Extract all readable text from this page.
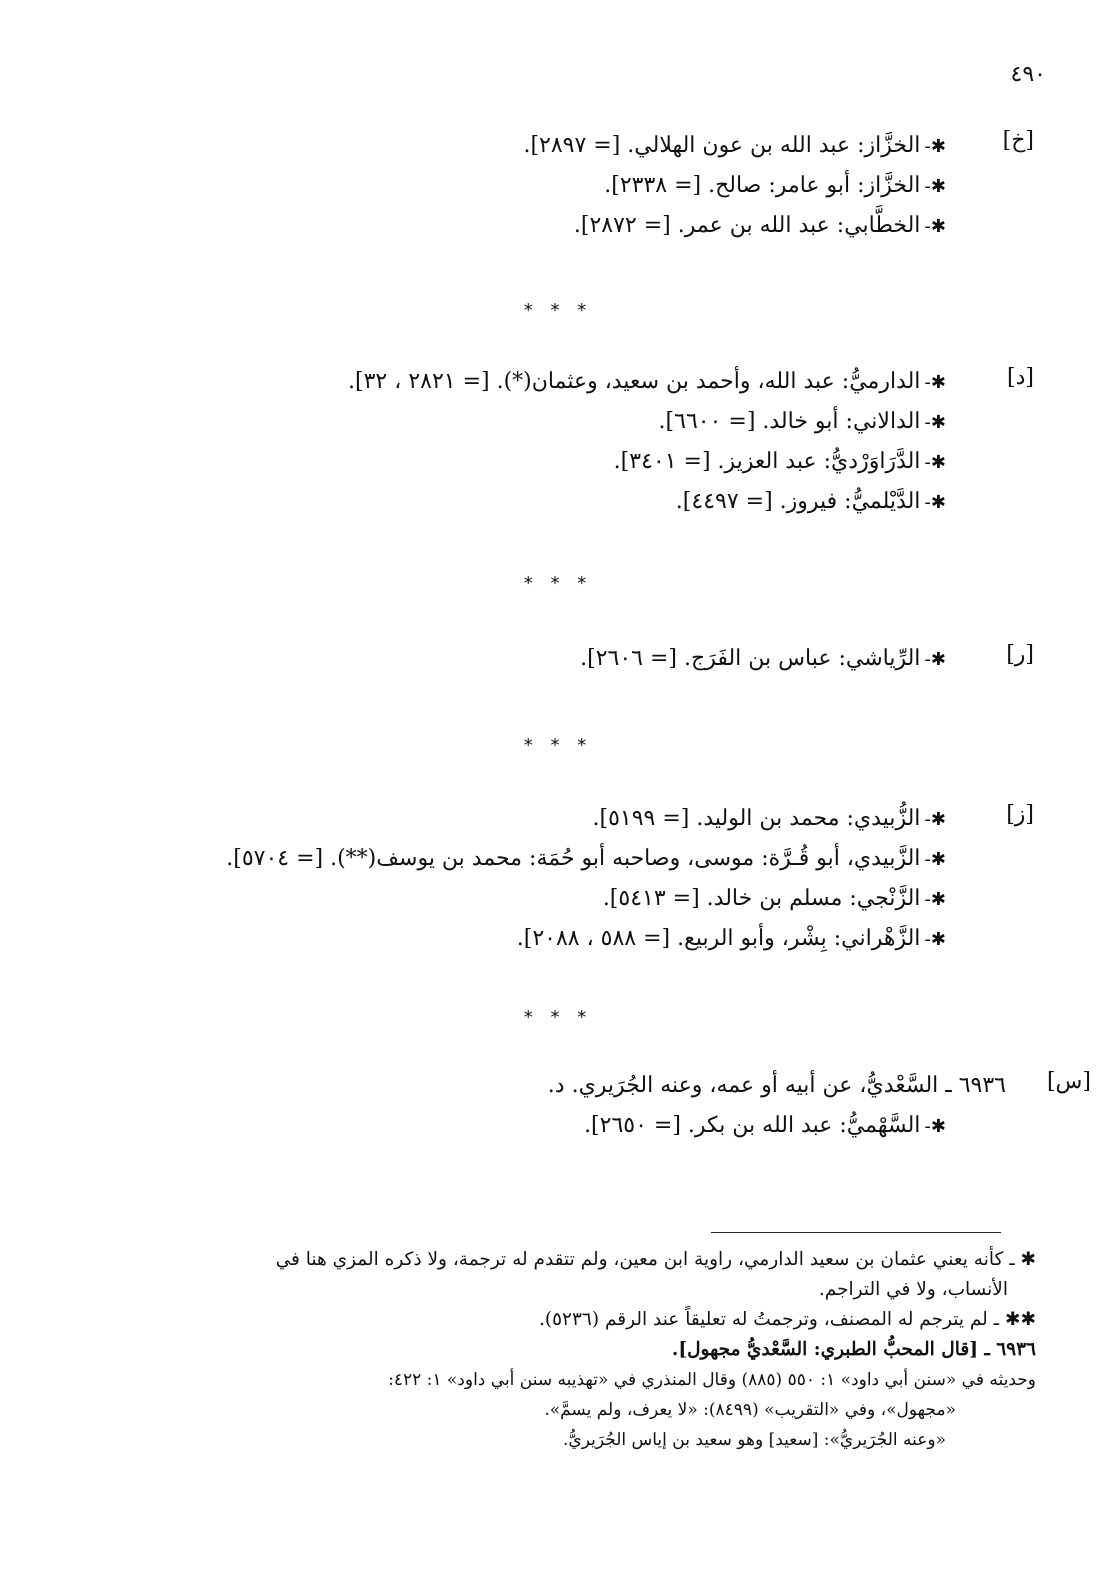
٤٩٠
[خ]
✱-الخزَّاز: عبد الله بن عون الهلالي. [= ٢٨٩٧].
✱-الخزَّاز: أبو عامر: صالح. [= ٢٣٣٨].
✱-الخطَّابي: عبد الله بن عمر. [= ٢٨٧٢].
* * *
[د]
✱-الدارميُّ: عبد الله، وأحمد بن سعيد، وعثمان(*). [= ٢٨٢١ ، ٣٢].
✱-الدالاني: أبو خالد. [= ٦٦٠٠].
✱-الدَّرَاوَرْديُّ: عبد العزيز. [= ٣٤٠١].
✱-الدَّيْلميُّ: فيروز. [= ٤٤٩٧].
* * *
[ر]
✱-الرِّياشي: عباس بن الفَرَج. [= ٢٦٠٦].
* * *
[ز]
✱-الزُّبيدي: محمد بن الوليد. [= ٥١٩٩].
✱-الزَّبيدي، أبو قُـرَّة: موسى، وصاحبه أبو حُمَة: محمد بن يوسف(**). [= ٥٧٠٤].
✱-الزَّنْجي: مسلم بن خالد. [= ٥٤١٣].
✱-الزَّهْراني: بِشْر، وأبو الربيع. [= ٥٨٨ ، ٢٠٨٨].
* * *
[س]
٦٩٣٦ ـ السَّعْديُّ، عن أبيه أو عمه، وعنه الجُرَيري. د.
✱-السَّهْميُّ: عبد الله بن بكر. [= ٢٦٥٠].

✱ ـ كأنه يعني عثمان بن سعيد الدارمي، راوية ابن معين، ولم تتقدم له ترجمة، ولا ذكره المزي هنا في

الأنساب، ولا في التراجم.

✱✱ ـ لم يترجم له المصنف، وترجمتُ له تعليقاً عند الرقم (٥٢٣٦).

٦٩٣٦ ـ [قال المحبُّ الطبري: السَّعْديُّ مجهول].

وحديثه في «سنن أبي داود» ١: ٥٥٠ (٨٨٥) وقال المنذري في «تهذيبه سنن أبي داود» ١: ٤٢٢:

«مجهول»، وفي «التقريب» (٨٤٩٩): «لا يعرف، ولم يسمَّ».

«وعنه الجُرَيريُّ»: [سعيد] وهو سعيد بن إياس الجُرَيريُّ.
